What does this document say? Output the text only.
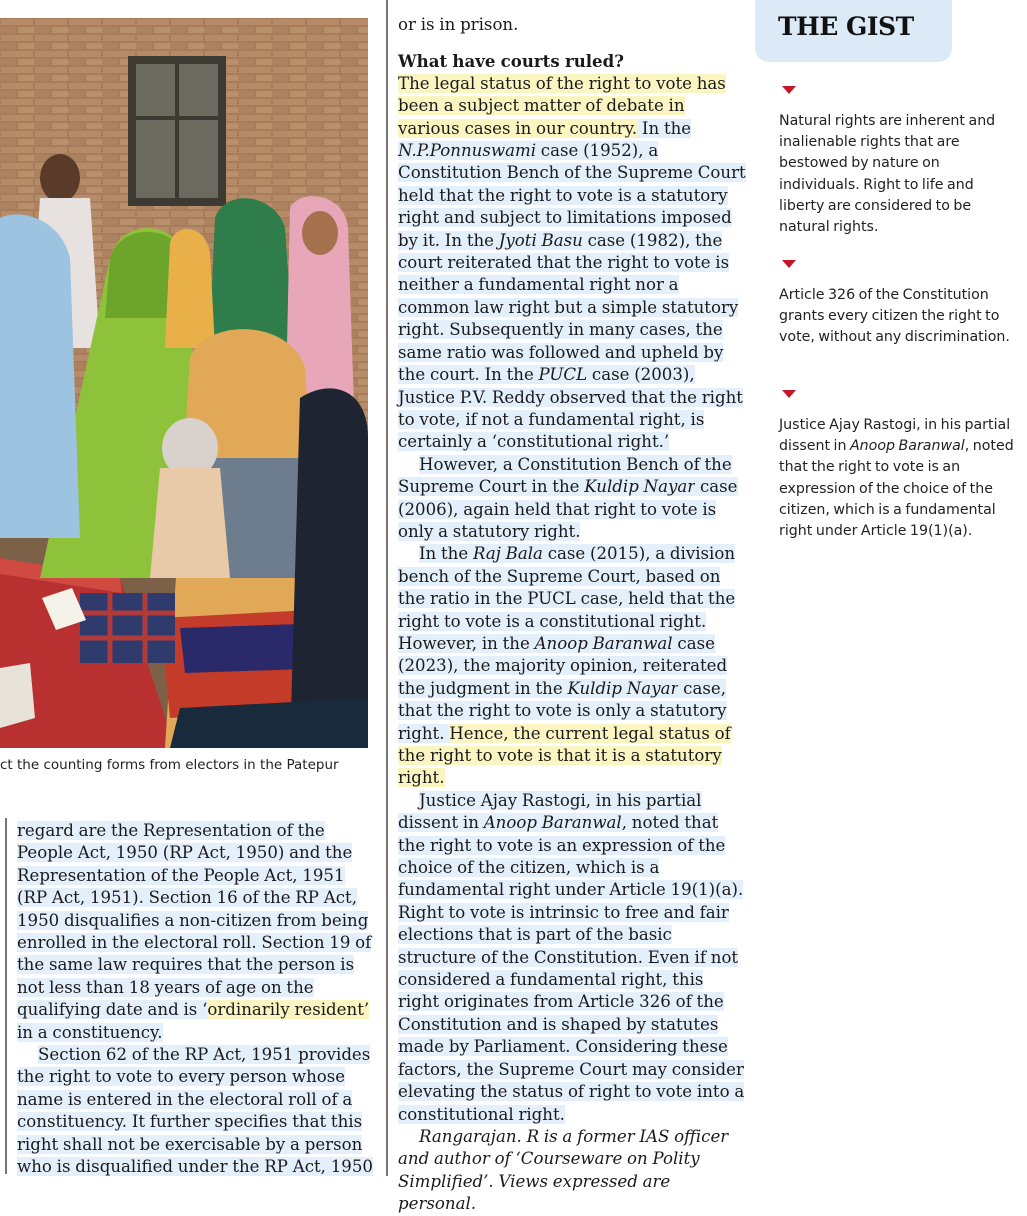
ct the counting forms from electors in the Patepur

regard are the Representation of the People Act, 1950 (RP Act, 1950) and the Representation of the People Act, 1951 (RP Act, 1951). Section 16 of the RP Act, 1950 disqualifies a non-citizen from being enrolled in the electoral roll. Section 19 of the same law requires that the person is not less than 18 years of age on the qualifying date and is ‘ordinarily resident’ in a constituency.

Section 62 of the RP Act, 1951 provides the right to vote to every person whose name is entered in the electoral roll of a constituency. It further specifies that this right shall not be exercisable by a person who is disqualified under the RP Act, 1950

or is in prison.

What have courts ruled?

The legal status of the right to vote has been a subject matter of debate in various cases in our country. In the N.P.Ponnuswami case (1952), a Constitution Bench of the Supreme Court held that the right to vote is a statutory right and subject to limitations imposed by it. In the Jyoti Basu case (1982), the court reiterated that the right to vote is neither a fundamental right nor a common law right but a simple statutory right. Subsequently in many cases, the same ratio was followed and upheld by the court. In the PUCL case (2003), Justice P.V. Reddy observed that the right to vote, if not a fundamental right, is certainly a ‘constitutional right.’

However, a Constitution Bench of the Supreme Court in the Kuldip Nayar case (2006), again held that right to vote is only a statutory right.

In the Raj Bala case (2015), a division bench of the Supreme Court, based on the ratio in the PUCL case, held that the right to vote is a constitutional right. However, in the Anoop Baranwal case (2023), the majority opinion, reiterated the judgment in the Kuldip Nayar case, that the right to vote is only a statutory right. Hence, the current legal status of the right to vote is that it is a statutory right.

Justice Ajay Rastogi, in his partial dissent in Anoop Baranwal, noted that the right to vote is an expression of the choice of the citizen, which is a fundamental right under Article 19(1)(a). Right to vote is intrinsic to free and fair elections that is part of the basic structure of the Constitution. Even if not considered a fundamental right, this right originates from Article 326 of the Constitution and is shaped by statutes made by Parliament. Considering these factors, the Supreme Court may consider elevating the status of right to vote into a constitutional right.

Rangarajan. R is a former IAS officer and author of ‘Courseware on Polity Simplified’. Views expressed are personal.

THE GIST
Natural rights are inherent and inalienable rights that are bestowed by nature on individuals. Right to life and liberty are considered to be natural rights.
Article 326 of the Constitution grants every citizen the right to vote, without any discrimination.
Justice Ajay Rastogi, in his partial dissent in Anoop Baranwal, noted that the right to vote is an expression of the choice of the citizen, which is a fundamental right under Article 19(1)(a).
